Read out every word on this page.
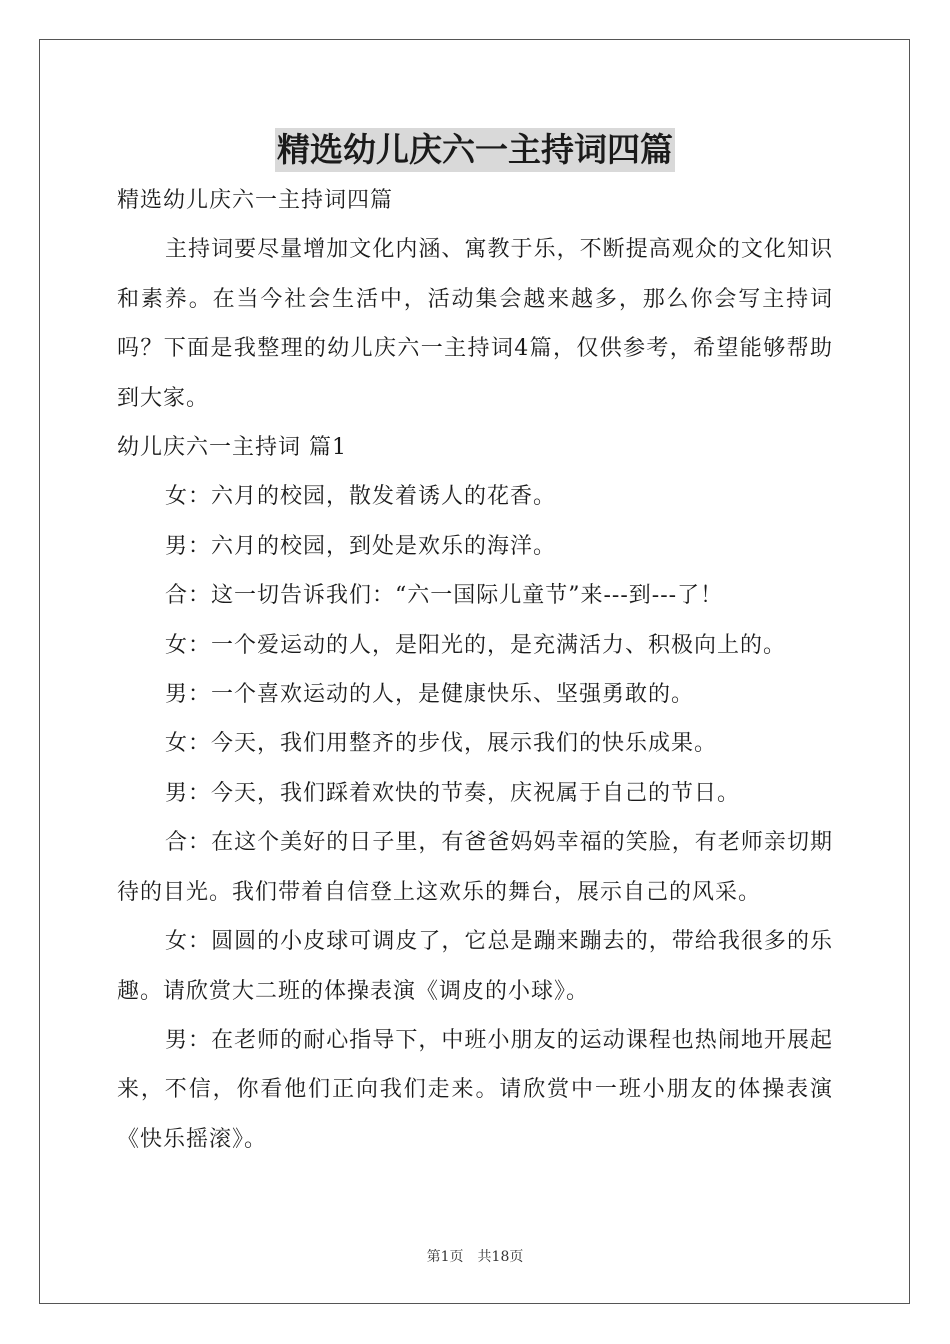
精选幼儿庆六一主持词四篇

精选幼儿庆六一主持词四篇

主持词要尽量增加文化内涵、寓教于乐，不断提高观众的文化知识和素养。在当今社会生活中，活动集会越来越多，那么你会写主持词吗？下面是我整理的幼儿庆六一主持词4篇，仅供参考，希望能够帮助到大家。

幼儿庆六一主持词 篇1

女：六月的校园，散发着诱人的花香。

男：六月的校园，到处是欢乐的海洋。

合：这一切告诉我们：“六一国际儿童节”来---到---了！

女：一个爱运动的人，是阳光的，是充满活力、积极向上的。

男：一个喜欢运动的人，是健康快乐、坚强勇敢的。

女：今天，我们用整齐的步伐，展示我们的快乐成果。

男：今天，我们踩着欢快的节奏，庆祝属于自己的节日。

合：在这个美好的日子里，有爸爸妈妈幸福的笑脸，有老师亲切期待的目光。我们带着自信登上这欢乐的舞台，展示自己的风采。

女：圆圆的小皮球可调皮了，它总是蹦来蹦去的，带给我很多的乐趣。请欣赏大二班的体操表演《调皮的小球》。

男：在老师的耐心指导下，中班小朋友的运动课程也热闹地开展起来，不信，你看他们正向我们走来。请欣赏中一班小朋友的体操表演《快乐摇滚》。

第1页　共18页
